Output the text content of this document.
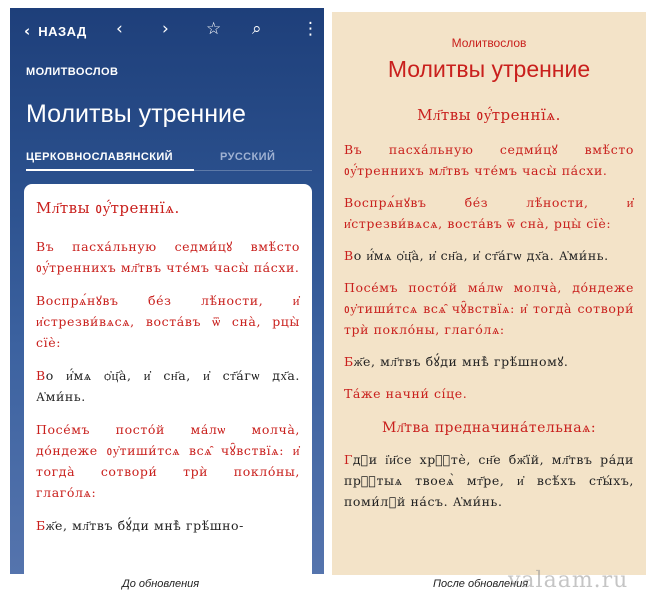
‹ НАЗАД ‹ › ☆ ⌕ ⋮
МОЛИТВОСЛОВ
Молитвы утренние
ЦЕРКОВНОСЛАВЯНСКИЙ	РУССКИЙ
Мл҃твы ᲂу҆́треннїѧ.

Въ пасха́льную седми́цꙋ вмѣ́сто ᲂу҆́треннихъ мл҃твъ чте́мъ часы̀ па́схи.

Воспрѧ́нꙋвъ бе́з лѣ́ности, и҆ и҆стрезви́вѧсѧ, воста́въ ѿ сна̀, рцы̀ сїѐ:

Во и҆́мѧ ѻ҆ц҃а̀, и҆ сн҃а, и҆ ст҃а́гѡ дх҃а. А҆ми́нь.

Посе́мъ посто́й ма́лѡ молча̀, до́ндеже ᲂу҆тиши́тсѧ всѧ̑ чꙋ̑вствїѧ: и҆ тогда̀ сотвори́ трѝ покло́ны, глаго́лѧ:

Бж҃е, мл҃твъ бꙋ́ди мнѣ̀ грѣ́шно-

Молитвослов
Молитвы утренние
Мл҃твы ᲂу҆́треннїѧ.

Въ пасха́льную седми́цꙋ вмѣ́сто ᲂу҆́треннихъ мл҃твъ чте́мъ часы̀ па́схи.

Воспрѧ́нꙋвъ бе́з лѣ́ности, и҆ и҆стрезви́вѧсѧ, воста́въ ѿ сна̀, рцы̀ сїѐ:

Во и҆́мѧ ѻ҆ц҃а̀, и҆ сн҃а, и҆ ст҃а́гѡ дх҃а. А҆ми́нь.

Посе́мъ посто́й ма́лѡ молча̀, до́ндеже ᲂу҆тиши́тсѧ всѧ̑ чꙋ̑вствїѧ: и҆ тогда̀ сотвори́ трѝ покло́ны, глаго́лѧ:

Бж҃е, мл҃твъ бꙋ́ди мнѣ̀ грѣ́шномꙋ.

Та́же начни́ сі́це.

Мл҃тва предначина́тельнаѧ:

Гдⷭи і҆и҃се хрⷭ҇тѐ, сн҃е бж҃їй, мл҃твъ ра́ди прⷭ҇тыѧ твоеѧ̀ мт҃ре, и҆ всѣ́хъ ст҃ы́хъ, поми́лꙋй на́съ. А҆ми́нь.

До обновления	После обновления
valaam.ru
